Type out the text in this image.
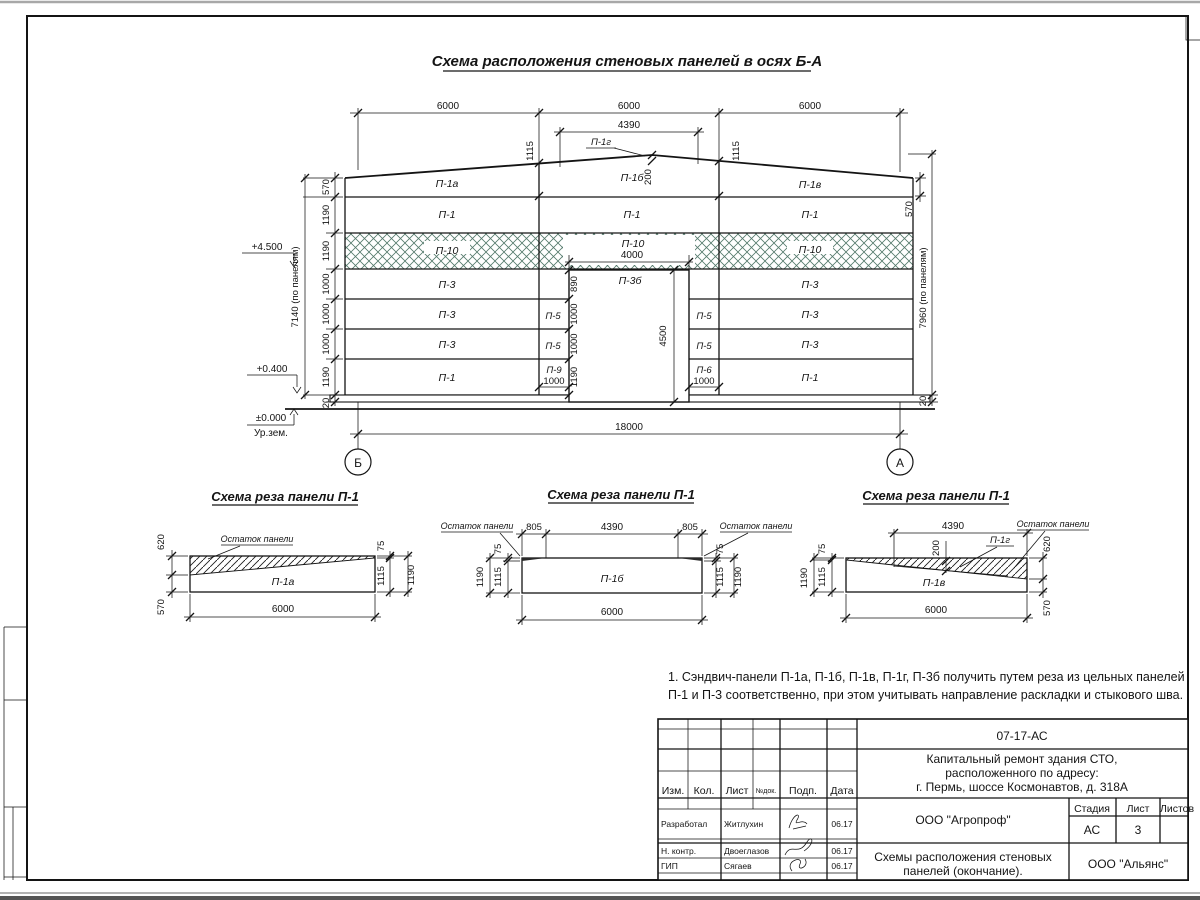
Схема расположения стеновых панелей в осях Б-А
6000	6000	6000
4390
1115	1115
200
П-1г
П-1а	П-1б
П-1в
П-1	П-1	П-1
П-10
П-10	П-10
П-3
П-3
П-3
П-3
П-3
П-3
П-1	П-1
П-3б
П-5
П-5
П-5
П-5
П-9	П-6
4000
4500
890
1000
1000
1190
1000	1000
570
1190
1190
1000
1000
1000
1190
20
7140 (по панелям)
570
7960 (по панелям)
20
+4.500
+0.400
±0.000
Ур.зем.
18000
Б	А
Схема реза панели П-1
П-1а
Остаток панели
620
570
75
1115 1190
6000
Схема реза панели П-1
П-1б
Остаток панели	Остаток панели
805	4390	805
75
1115
1190
75
1115 1190
6000
Схема реза панели П-1
П-1в
П-1г
Остаток панели
4390
200
75
1115
1190
620
570
6000
1. Сэндвич-панели П-1а, П-1б, П-1в, П-1г, П-3б получить путем реза из цельных панелей
П-1 и П-3 соответственно, при этом учитывать направление раскладки и стыкового шва.
Изм. Кол. Лист №док. Подп. Дата
07-17-АС
Капитальный ремонт здания СТО,
расположенного по адресу:
г. Пермь, шоссе Космонавтов, д. 318А
Разработал Житлухин	06.17
Н. контр.	Двоеглазов	06.17
ГИП	Сягаев	06.17
ООО "Агропроф"
Стадия Лист Листов
АС	3
Схемы расположения стеновых
панелей (окончание).	ООО "Альянс"
